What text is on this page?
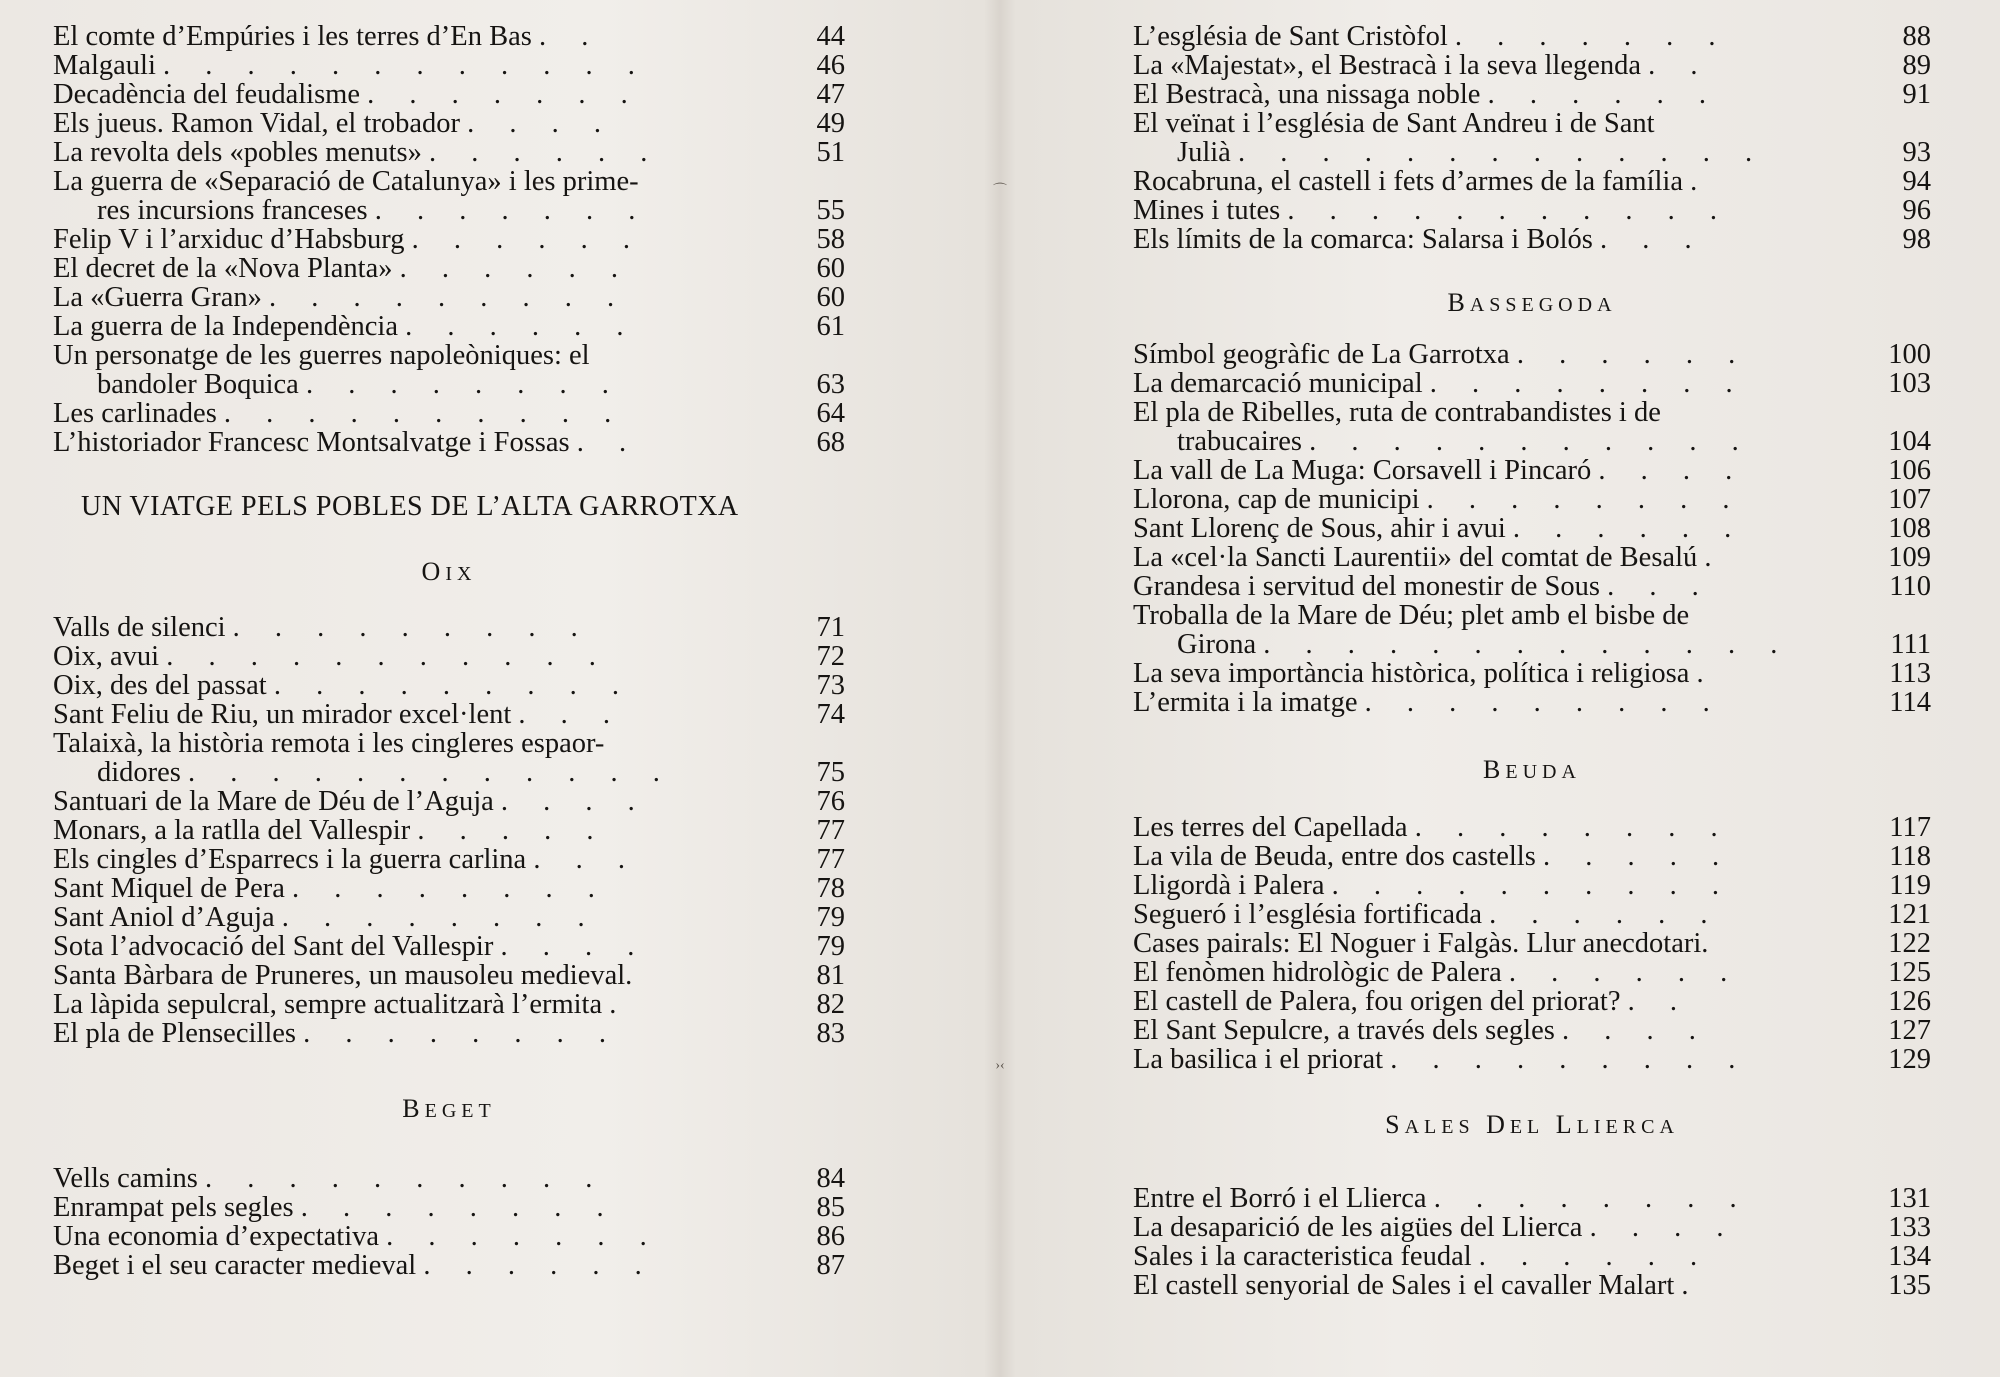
⌒
›‹
El comte d’Empúries i les terres d’En Bas . .	44
Malgauli . . . . . . . . . . . .	46
Decadència del feudalisme . . . . . . .	47
Els jueus. Ramon Vidal, el trobador . . . .	49
La revolta dels «pobles menuts» . . . . . .	51
La guerra de «Separació de Catalunya» i les prime-
res incursions franceses . . . . . . .	55
Felip V i l’arxiduc d’Habsburg . . . . . .	58
El decret de la «Nova Planta» . . . . . .	60
La «Guerra Gran» . . . . . . . . .	60
La guerra de la Independència . . . . . .	61
Un personatge de les guerres napoleòniques: el
bandoler Boquica . . . . . . . .	63
Les carlinades . . . . . . . . . .	64
L’historiador Francesc Montsalvatge i Fossas . .	68
UN VIATGE PELS POBLES DE L’ALTA GARROTXA
OIX
Valls de silenci . . . . . . . . .	71
Oix, avui . . . . . . . . . . .	72
Oix, des del passat . . . . . . . . .	73
Sant Feliu de Riu, un mirador excel·lent . . .	74
Talaixà, la història remota i les cingleres espaor-
didores . . . . . . . . . . . .	75
Santuari de la Mare de Déu de l’Aguja . . . .	76
Monars, a la ratlla del Vallespir . . . . .	77
Els cingles d’Esparrecs i la guerra carlina . . .	77
Sant Miquel de Pera . . . . . . . .	78
Sant Aniol d’Aguja . . . . . . . .	79
Sota l’advocació del Sant del Vallespir . . . .	79
Santa Bàrbara de Pruneres, un mausoleu medieval.	81
La làpida sepulcral, sempre actualitzarà l’ermita .	82
El pla de Plensecilles . . . . . . . .	83
BEGET
Vells camins . . . . . . . . . .	84
Enrampat pels segles . . . . . . . .	85
Una economia d’expectativa . . . . . . .	86
Beget i el seu caracter medieval . . . . . .	87
L’església de Sant Cristòfol . . . . . . .	88
La «Majestat», el Bestracà i la seva llegenda . .	89
El Bestracà, una nissaga noble . . . . . .	91
El veïnat i l’església de Sant Andreu i de Sant
Julià . . . . . . . . . . . . .	93
Rocabruna, el castell i fets d’armes de la família .	94
Mines i tutes . . . . . . . . . . .	96
Els límits de la comarca: Salarsa i Bolós . . .	98
BASSEGODA
Símbol geogràfic de La Garrotxa . . . . . .	100
La demarcació municipal . . . . . . . .	103
El pla de Ribelles, ruta de contrabandistes i de
trabucaires . . . . . . . . . . .	104
La vall de La Muga: Corsavell i Pincaró . . . .	106
Llorona, cap de municipi . . . . . . . .	107
Sant Llorenç de Sous, ahir i avui . . . . . .	108
La «cel·la Sancti Laurentii» del comtat de Besalú .	109
Grandesa i servitud del monestir de Sous . . .	110
Troballa de la Mare de Déu; plet amb el bisbe de
Girona . . . . . . . . . . . . .	111
La seva importància històrica, política i religiosa .	113
L’ermita i la imatge . . . . . . . . .	114
BEUDA
Les terres del Capellada . . . . . . . .	117
La vila de Beuda, entre dos castells . . . . .	118
Lligordà i Palera . . . . . . . . . .	119
Segueró i l’església fortificada . . . . . .	121
Cases pairals: El Noguer i Falgàs. Llur anecdotari.	122
El fenòmen hidrològic de Palera . . . . . .	125
El castell de Palera, fou origen del priorat? . .	126
El Sant Sepulcre, a través dels segles . . . .	127
La basilica i el priorat . . . . . . . . .	129
SALES DEL LLIERCA
Entre el Borró i el Llierca . . . . . . . .	131
La desaparició de les aigües del Llierca . . . .	133
Sales i la caracteristica feudal . . . . . .	134
El castell senyorial de Sales i el cavaller Malart .	135
